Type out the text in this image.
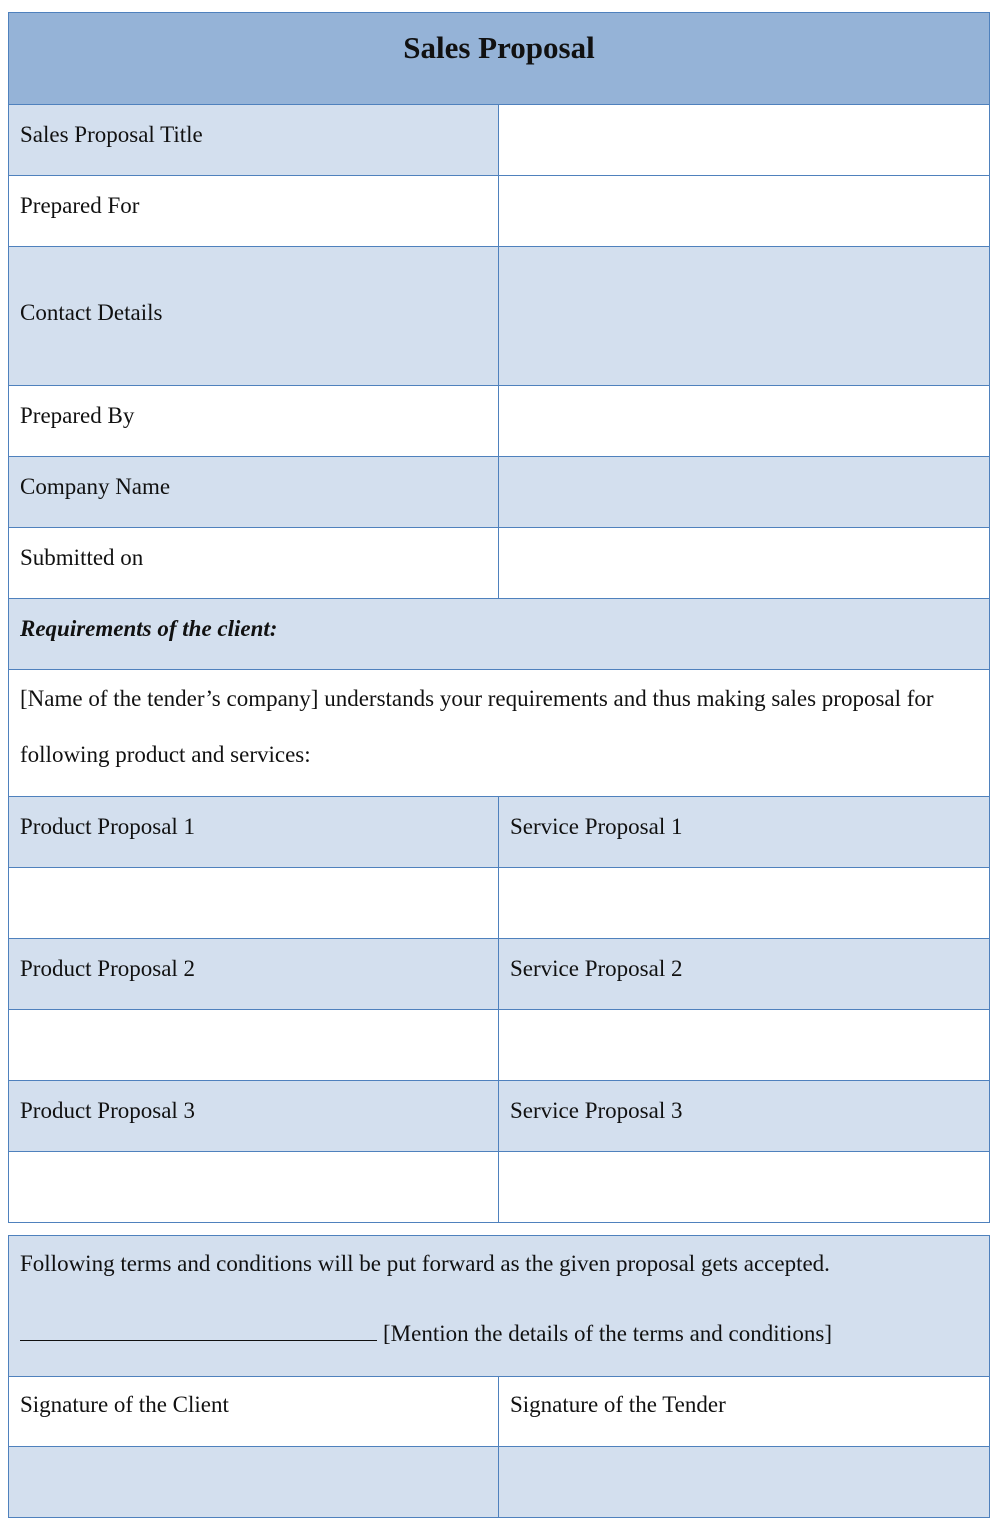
Sales Proposal
Sales Proposal Title
Prepared For
Contact Details
Prepared By
Company Name
Submitted on
Requirements of the client:
[Name of the tender’s company] understands your requirements and thus making sales proposal for following product and services:
Product Proposal 1	Service Proposal 1
Product Proposal 2	Service Proposal 2
Product Proposal 3	Service Proposal 3
Following terms and conditions will be put forward as the given proposal gets accepted.
[Mention the details of the terms and conditions]
Signature of the Client	Signature of the Tender
